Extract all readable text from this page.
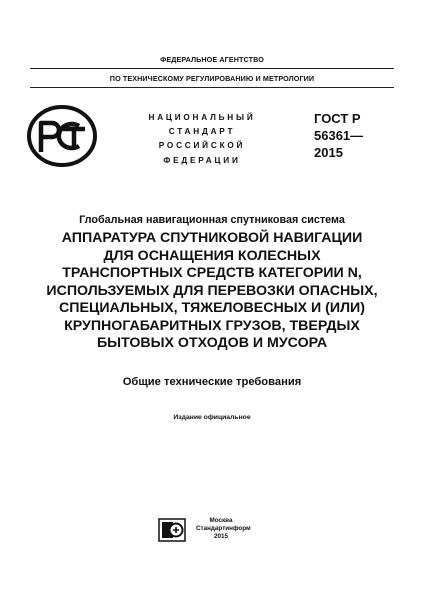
ФЕДЕРАЛЬНОЕ АГЕНТСТВО
ПО ТЕХНИЧЕСКОМУ РЕГУЛИРОВАНИЮ И МЕТРОЛОГИИ
НАЦИОНАЛЬНЫЙ
СТАНДАРТ
РОССИЙСКОЙ
ФЕДЕРАЦИИ
ГОСТ Р
56361—
2015
Глобальная навигационная спутниковая система
АППАРАТУРА СПУТНИКОВОЙ НАВИГАЦИИ
ДЛЯ ОСНАЩЕНИЯ КОЛЕСНЫХ
ТРАНСПОРТНЫХ СРЕДСТВ КАТЕГОРИИ N,
ИСПОЛЬЗУЕМЫХ ДЛЯ ПЕРЕВОЗКИ ОПАСНЫХ,
СПЕЦИАЛЬНЫХ, ТЯЖЕЛОВЕСНЫХ И (ИЛИ)
КРУПНОГАБАРИТНЫХ ГРУЗОВ, ТВЕРДЫХ
БЫТОВЫХ ОТХОДОВ И МУСОРА
Общие технические требования
Издание официальное
Москва
Стандартинформ
2015
